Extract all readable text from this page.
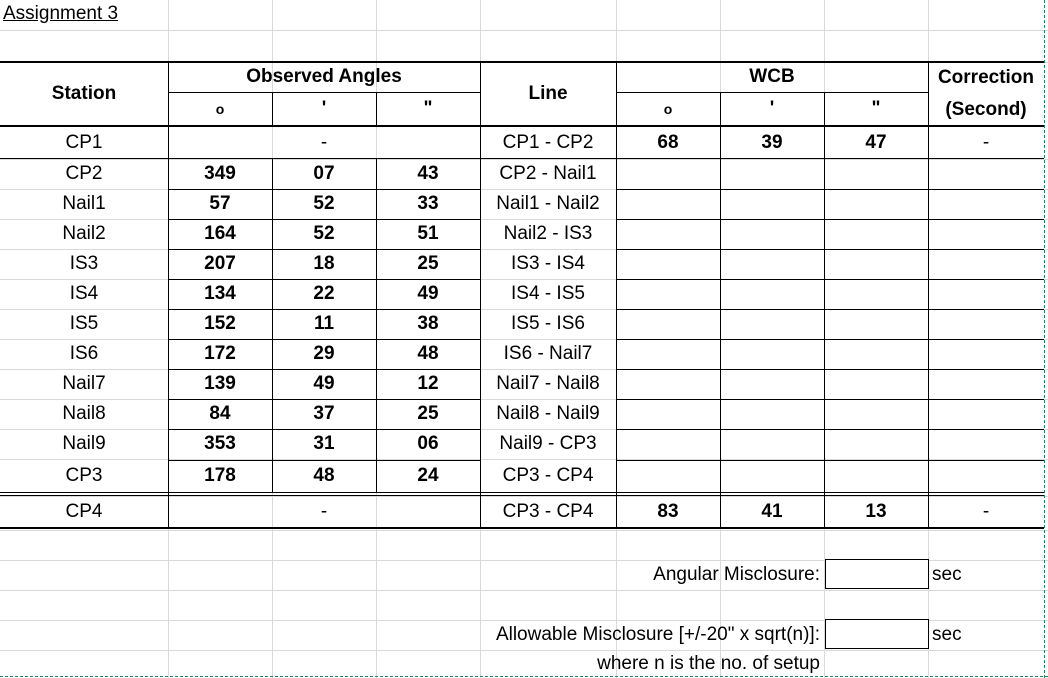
Assignment 3
Station
Observed Angles
o	'	"
Line
WCB
o	'	"
Correction
(Second)
CP1	-	CP1 - CP2	68	39	47	-
CP2	349	07	43	CP2 - Nail1
Nail1	57	52	33	Nail1 - Nail2
Nail2	164	52	51	Nail2 - IS3
IS3	207	18	25	IS3 - IS4
IS4	134	22	49	IS4 - IS5
IS5	152	11	38	IS5 - IS6
IS6	172	29	48	IS6 - Nail7
Nail7	139	49	12	Nail7 - Nail8
Nail8	84	37	25	Nail8 - Nail9
Nail9	353	31	06	Nail9 - CP3
CP3	178	48	24	CP3 - CP4
CP4	-	CP3 - CP4	83	41	13	-
Angular Misclosure:	sec
Allowable Misclosure [+/-20" x sqrt(n)]:	sec
where n is the no. of setup
